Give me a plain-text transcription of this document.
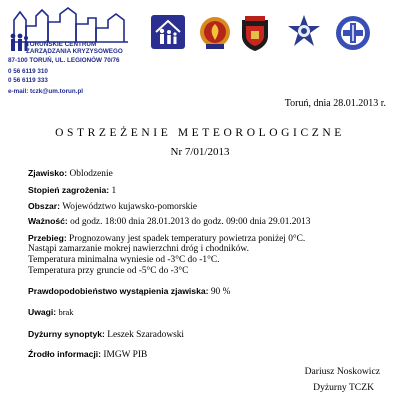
TORUŃSKIE CENTRUM
ZARZĄDZANIA KRYZYSOWEGO
87-100 TORUŃ, UL. LEGIONÓW 70/76
0 56 6119 310
0 56 6119 333
e-mail: tczk@um.torun.pl
Toruń, dnia 28.01.2013 r.
OSTRZEŻENIE METEOROLOGICZNE
Nr 7/01/2013
Zjawisko: Oblodzenie
Stopień zagrożenia: 1
Obszar: Województwo kujawsko-pomorskie
Ważność: od godz. 18:00 dnia 28.01.2013 do godz. 09:00 dnia 29.01.2013
Przebieg: Prognozowany jest spadek temperatury powietrza poniżej 0°C.
Nastąpi zamarzanie mokrej nawierzchni dróg i chodników.
Temperatura minimalna wyniesie od -3°C do -1°C.
Temperatura przy gruncie od -5°C do -3°C
Prawdopodobieństwo wystąpienia zjawiska: 90 %
Uwagi: brak
Dyżurny synoptyk: Leszek Szaradowski
Źrodło informacji: IMGW PIB
Dariusz Noskowicz
Dyżurny TCZK
